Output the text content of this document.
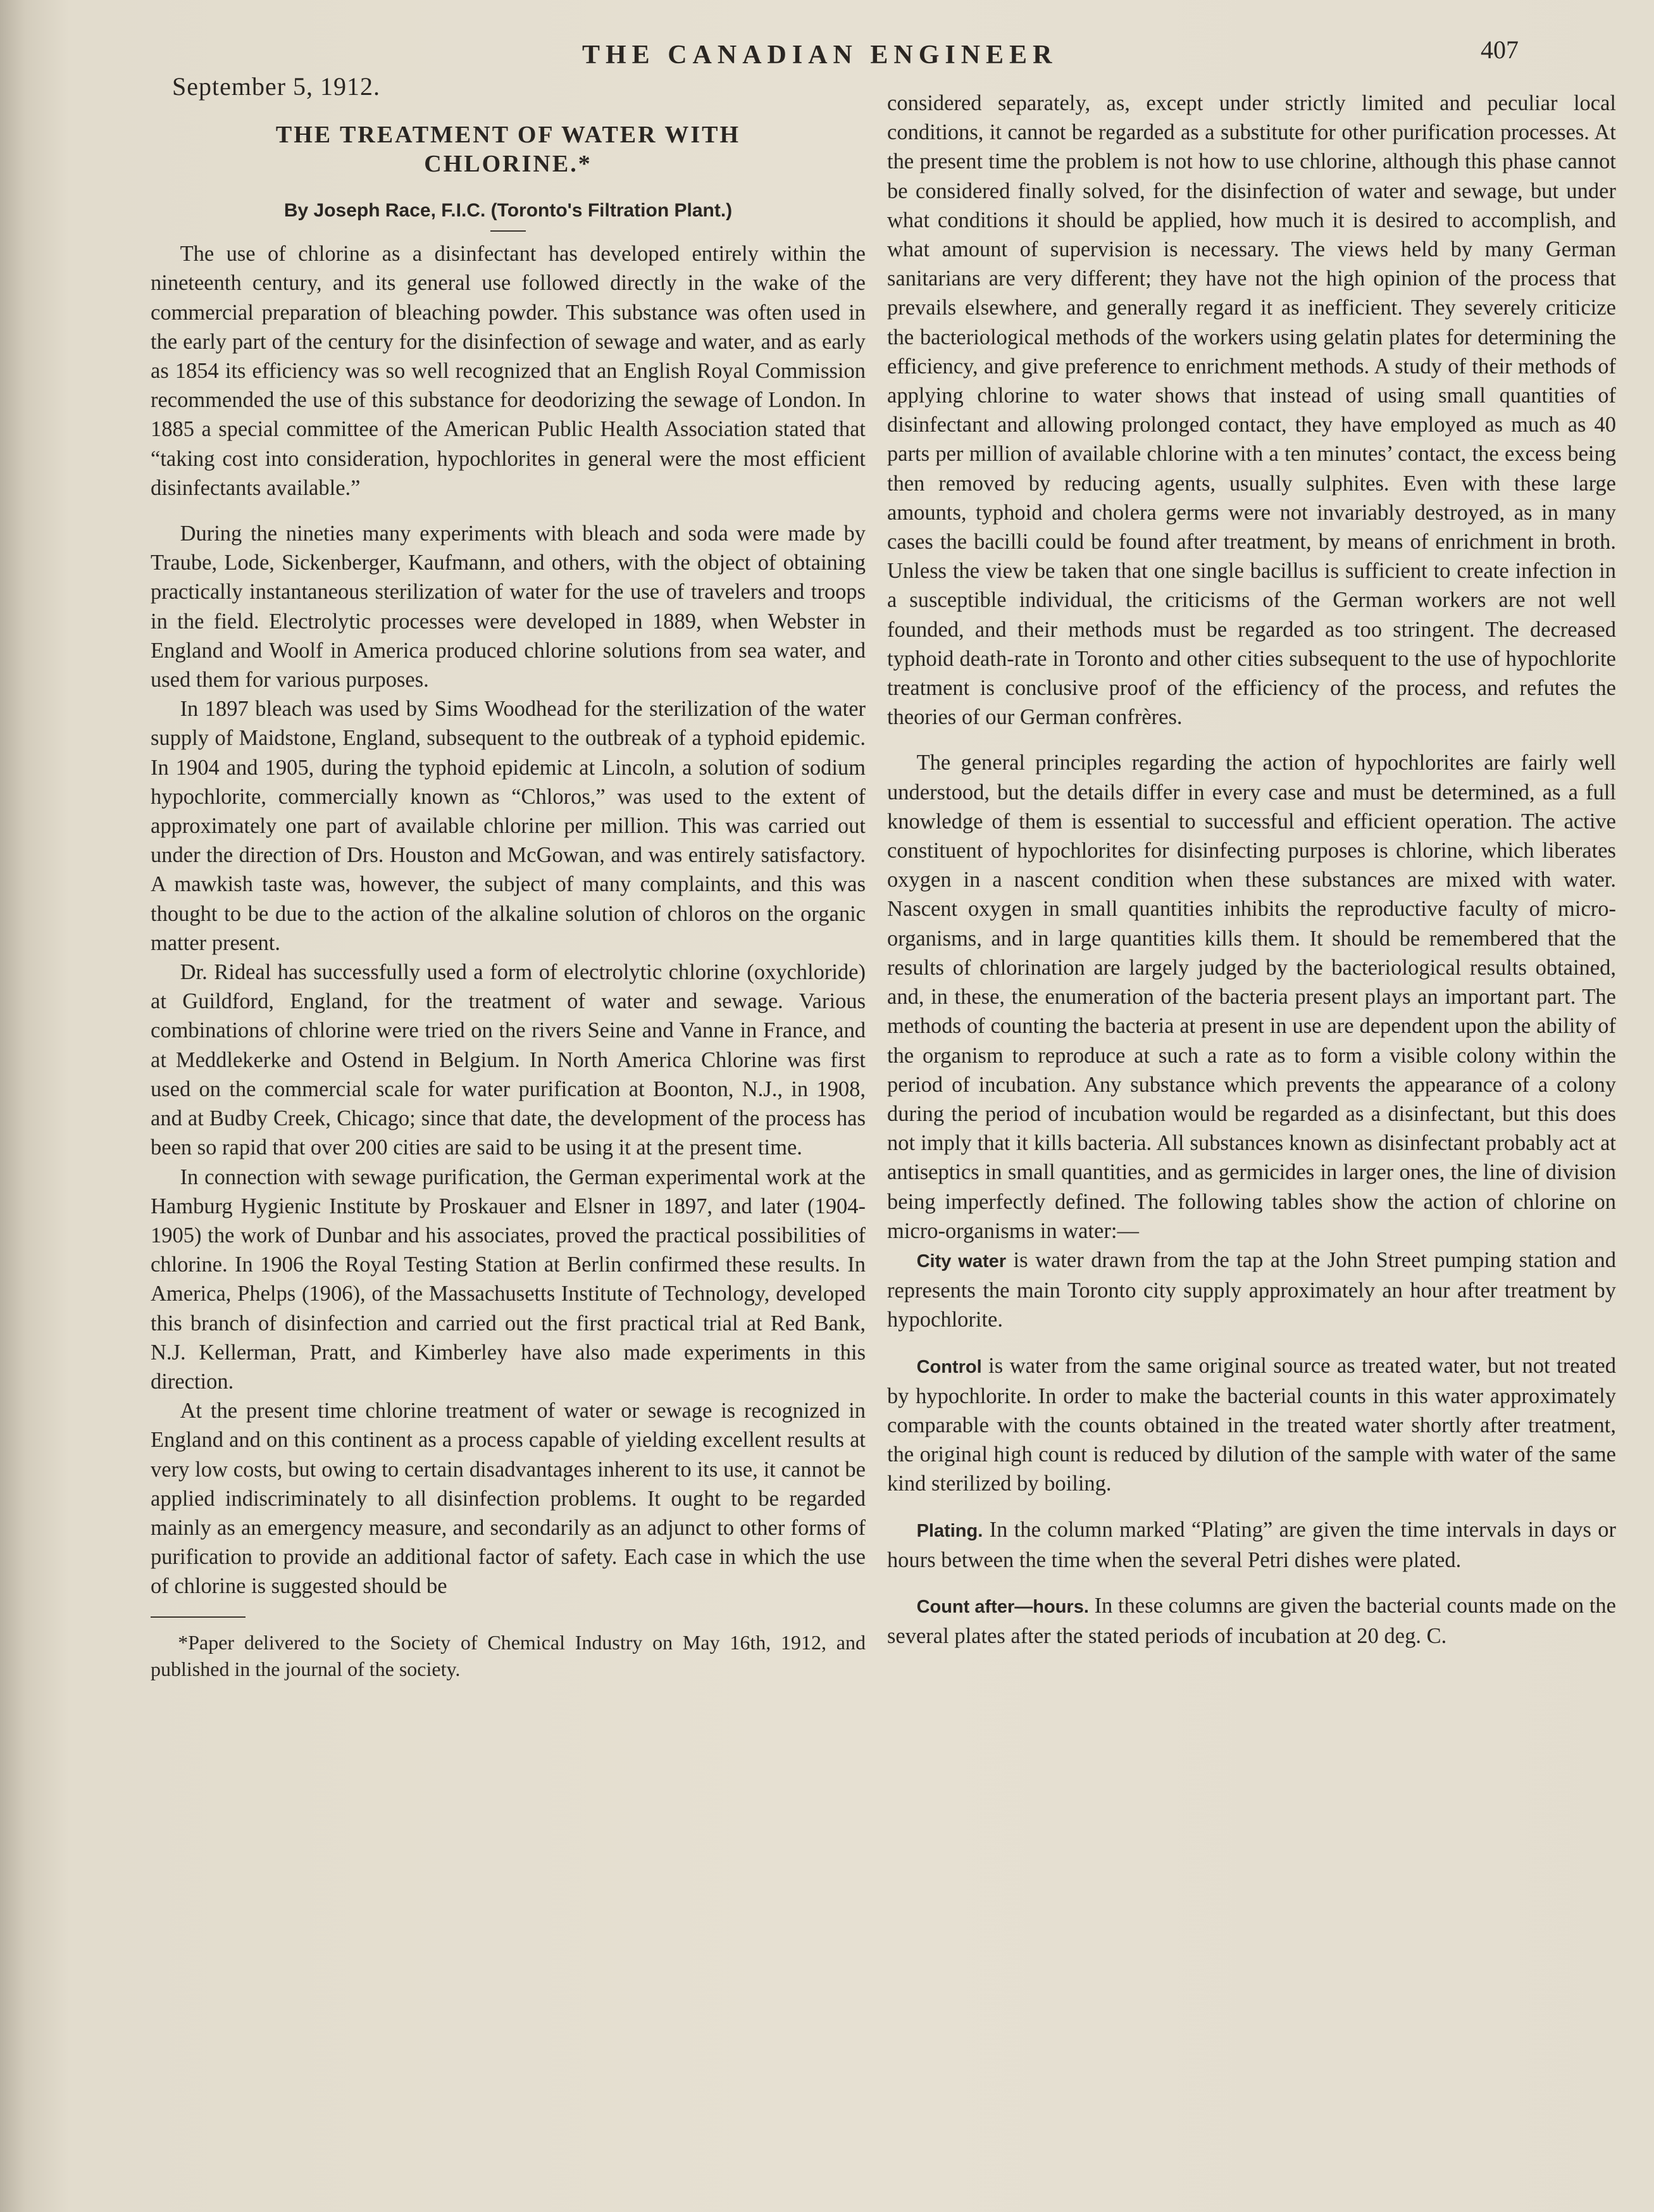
September 5, 1912.
THE CANADIAN ENGINEER	407
THE TREATMENT OF WATER WITH
CHLORINE.*
By Joseph Race, F.I.C. (Toronto's Filtration Plant.)

The use of chlorine as a disinfectant has developed entirely within the nineteenth century, and its general use followed directly in the wake of the commercial preparation of bleaching powder. This substance was often used in the early part of the century for the disinfection of sewage and water, and as early as 1854 its efficiency was so well recognized that an English Royal Commission recommended the use of this substance for deodorizing the sewage of London. In 1885 a special committee of the American Public Health Association stated that “taking cost into consideration, hypochlorites in general were the most efficient disinfectants available.”

During the nineties many experiments with bleach and soda were made by Traube, Lode, Sickenberger, Kaufmann, and others, with the object of obtaining practically instantaneous sterilization of water for the use of travelers and troops in the field. Electrolytic processes were developed in 1889, when Webster in England and Woolf in America produced chlorine solutions from sea water, and used them for various purposes.

In 1897 bleach was used by Sims Woodhead for the sterilization of the water supply of Maidstone, England, subsequent to the outbreak of a typhoid epidemic. In 1904 and 1905, during the typhoid epidemic at Lincoln, a solution of sodium hypochlorite, commercially known as “Chloros,” was used to the extent of approximately one part of available chlorine per million. This was carried out under the direction of Drs. Houston and McGowan, and was entirely satisfactory. A mawkish taste was, however, the subject of many complaints, and this was thought to be due to the action of the alkaline solution of chloros on the organic matter present.

Dr. Rideal has successfully used a form of electrolytic chlorine (oxychloride) at Guildford, England, for the treatment of water and sewage. Various combinations of chlorine were tried on the rivers Seine and Vanne in France, and at Meddlekerke and Ostend in Belgium. In North America Chlorine was first used on the commercial scale for water purification at Boonton, N.J., in 1908, and at Budby Creek, Chicago; since that date, the development of the process has been so rapid that over 200 cities are said to be using it at the present time.

In connection with sewage purification, the German experimental work at the Hamburg Hygienic Institute by Proskauer and Elsner in 1897, and later (1904-1905) the work of Dunbar and his associates, proved the practical possibilities of chlorine. In 1906 the Royal Testing Station at Berlin confirmed these results. In America, Phelps (1906), of the Massachusetts Institute of Technology, developed this branch of disinfection and carried out the first practical trial at Red Bank, N.J. Kellerman, Pratt, and Kimberley have also made experiments in this direction.

At the present time chlorine treatment of water or sewage is recognized in England and on this continent as a process capable of yielding excellent results at very low costs, but owing to certain disadvantages inherent to its use, it cannot be applied indiscriminately to all disinfection problems. It ought to be regarded mainly as an emergency measure, and secondarily as an adjunct to other forms of purification to provide an additional factor of safety. Each case in which the use of chlorine is suggested should be

*Paper delivered to the Society of Chemical Industry on May 16th, 1912, and published in the journal of the society.

considered separately, as, except under strictly limited and peculiar local conditions, it cannot be regarded as a substitute for other purification processes. At the present time the problem is not how to use chlorine, although this phase cannot be considered finally solved, for the disinfection of water and sewage, but under what conditions it should be applied, how much it is desired to accomplish, and what amount of supervision is necessary. The views held by many German sanitarians are very different; they have not the high opinion of the process that prevails elsewhere, and generally regard it as inefficient. They severely criticize the bacteriological methods of the workers using gelatin plates for determining the efficiency, and give preference to enrichment methods. A study of their methods of applying chlorine to water shows that instead of using small quantities of disinfectant and allowing prolonged contact, they have employed as much as 40 parts per million of available chlorine with a ten minutes’ contact, the excess being then removed by reducing agents, usually sulphites. Even with these large amounts, typhoid and cholera germs were not invariably destroyed, as in many cases the bacilli could be found after treatment, by means of enrichment in broth. Unless the view be taken that one single bacillus is sufficient to create infection in a susceptible individual, the criticisms of the German workers are not well founded, and their methods must be regarded as too stringent. The decreased typhoid death-rate in Toronto and other cities subsequent to the use of hypochlorite treatment is conclusive proof of the efficiency of the process, and refutes the theories of our German confrères.

The general principles regarding the action of hypochlorites are fairly well understood, but the details differ in every case and must be determined, as a full knowledge of them is essential to successful and efficient operation. The active constituent of hypochlorites for disinfecting purposes is chlorine, which liberates oxygen in a nascent condition when these substances are mixed with water. Nascent oxygen in small quantities inhibits the reproductive faculty of micro-organisms, and in large quantities kills them. It should be remembered that the results of chlorination are largely judged by the bacteriological results obtained, and, in these, the enumeration of the bacteria present plays an important part. The methods of counting the bacteria at present in use are dependent upon the ability of the organism to reproduce at such a rate as to form a visible colony within the period of incubation. Any substance which prevents the appearance of a colony during the period of incubation would be regarded as a disinfectant, but this does not imply that it kills bacteria. All substances known as disinfectant probably act at antiseptics in small quantities, and as germicides in larger ones, the line of division being imperfectly defined. The following tables show the action of chlorine on micro-organisms in water:—

City water is water drawn from the tap at the John Street pumping station and represents the main Toronto city supply approximately an hour after treatment by hypochlorite.

Control is water from the same original source as treated water, but not treated by hypochlorite. In order to make the bacterial counts in this water approximately comparable with the counts obtained in the treated water shortly after treatment, the original high count is reduced by dilution of the sample with water of the same kind sterilized by boiling.

Plating. In the column marked “Plating” are given the time intervals in days or hours between the time when the several Petri dishes were plated.

Count after—hours. In these columns are given the bacterial counts made on the several plates after the stated periods of incubation at 20 deg. C.
